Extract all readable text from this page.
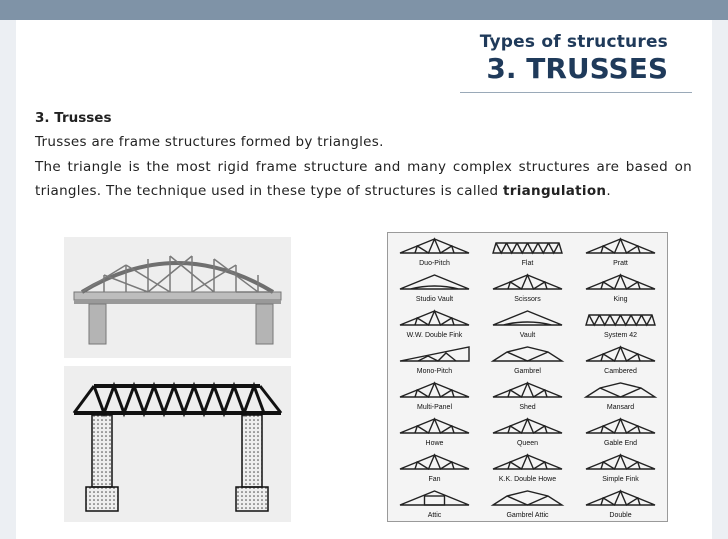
Types of structures
3. TRUSSES
3. Trusses

Trusses are frame structures formed by triangles.

The triangle is the most rigid frame structure and many complex structures are based on triangles. The technique used in these type of structures is called triangulation.

Duo-Pitch	Flat	Pratt
Studio Vault	Scissors	King
W.W. Double Fink	Vault	System 42
Mono-Pitch	Gambrel	Cambered
Multi-Panel	Shed	Mansard
Howe	Queen	Gable End
Fan	K.K. Double Howe	Simple Fink
Attic	Gambrel Attic	Double
